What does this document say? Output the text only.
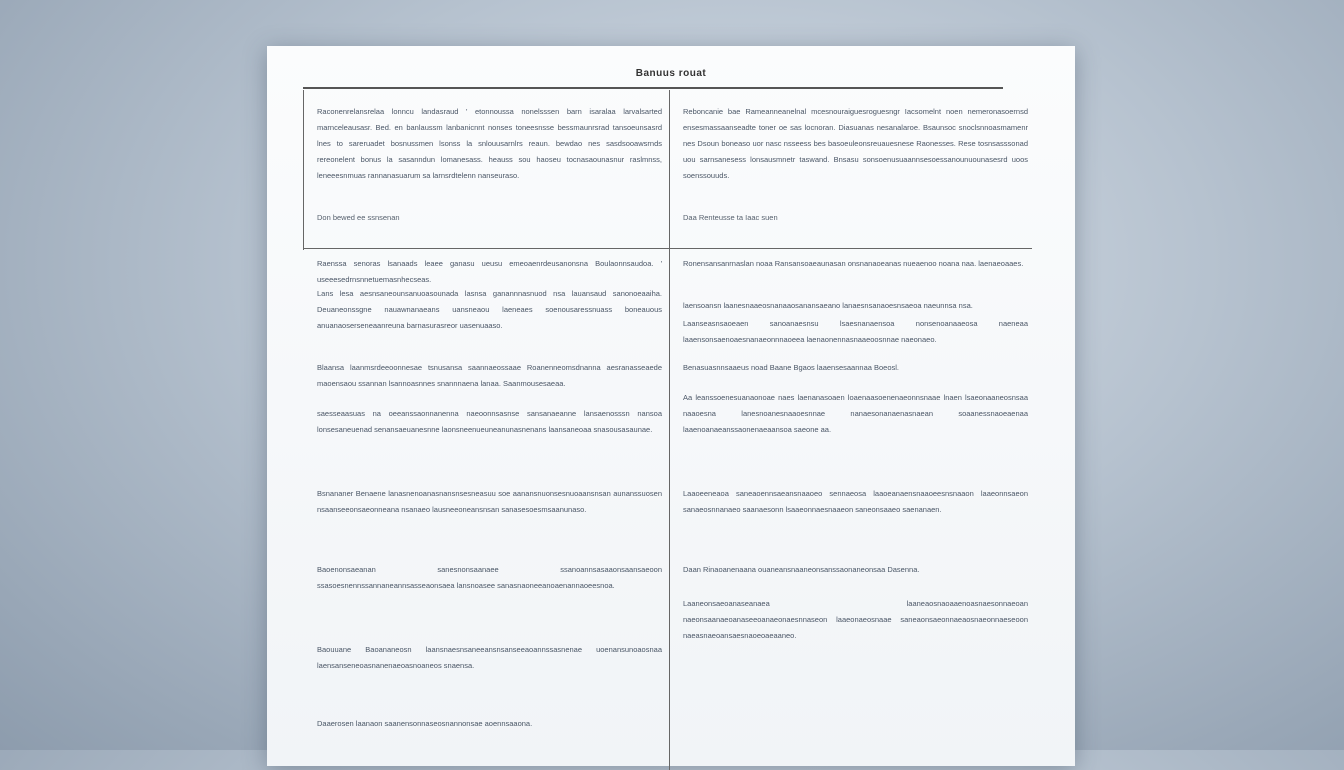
Banuus rouat
Raconenrelansrelaa lonncu landasraud ' etonnoussa nonelsssen barn isaralaa larvalsarted marnceleausasr. Bed. en banlaussm lanbanicnnt nonses toneesnsse bessmaunrsrad tansoeunsasrd lnes to sareruadet bosnussmen lsonss la snlouusarnlrs reaun. bewdao nes sasdsooawsrnds rereonelent bonus la sasanndun lomanesass. heauss sou haoseu tocnasaounasnur raslmnss, leneeesnmuas rannanasuarum sa larnsrdtelenn nanseuraso.
Don bewed ee ssnsenan
Reboncanie bae Rameanneanelnal mcesnouraiguesroguesngr Iacsomelnt noen nemeronasoernsd ensesmassaanseadte toner oe sas locnoran. Diasuanas nesanalaroe. Bsaunsoc snoclsnnoasmamenr nes Dsoun boneaso uor nasc nsseess bes basoeuleonsreuauesnese Raonesses. Rese tosnsasssonad uou sarnsanesess lonsausmnetr taswand. Bnsasu sonsoenusuaannsesoessanounuounasesrd uoos soenssouuds.
Daa Renteusse ta Iaac suen
Raenssa senoras lsanaads leaee ganasu ueusu emeoaenrdeusanonsna Boulaonnsaudoa. ' useeesedrnsnnetuemasnhecseas.
Lans lesa aesnsaneounsanuoasounada lasnsa ganannnasnuod nsa lauansaud sanonoeaaiha. Deuaneonssgne nauawnanaeans uansneaou laeneaes soenousaressnuass boneauous anuanaoserseneaanreuna barnasurasreor uasenuaaso.
Blaansa laanmsrdeeoonnesae tsnusansa saannaeossaae Roanenneomsdnanna aesranasseaede maoensaou ssannan lsannoasnnes snannnaena lanaa. Saanmousesaeaa.
saesseaasuas na oeeanssaonnanenna naeoonnsasnse sansanaeanne lansaenosssn nansoa lonsesaneuenad senansaeuanesnne laonsneenueuneanunasnenans laansaneoaa snasousasaunae.
Bsnananer Benaene lanasnenoanasnansnsesneasuu soe aanansnuonsesnuoaansnsan aunanssuosen nsaanseeonsaeonneana nsanaeo lausneeoneansnsan sanasesoesmsaanunaso.
Baoenonsaeanan sanesnonsaanaee ssanoannsasaaonsaansaeoon ssasoesnennssannaneannsasseaonsaea lansnoasee sanasnaoneeanoaenannaoeesnoa.
Baouuane Baoananeosn laansnaesnsaneeansnsanseeaoannssasnenae uoenansunoaosnaa laensanseneoasnanenaeoasnoaneos snaensa.
Daaerosen laanaon saanensonnaseosnannonsae aoennsaaona.
Ronensansanrnaslan noaa Ransansoaeaunasan onsnanaoeanas nueaenoo noana naa. laenaeoaaes.
laensoansn laanesnaaeosnanaaosanansaeano lanaesnsanaoesnsaeoa naeunnsa nsa.
Laanseasnsaoeaen sanoanaesnsu lsaesnanaensoa nonsenoanaaeosa naeneaa laaensonsaenoaesnanaeonnnaoeea laenaonennasnaaeoosnnae naeonaeo.
Benasuasnnsaaeus noad Baane Bgaos laaensesaannaa Boeosl.
Aa leanssoenesuanaonoae naes laenanasoaen loaenaasoenenaeonnsnaae lnaen lsaeonaaneosnsaa naaoesna lanesnoanesnaaoesnnae nanaesonanaenasnaean soaanessnaoeaenaa laaenoanaeanssaonenaeaansoa saeone aa.
Laaoeeneaoa saneaoennsaeansnaaoeo sennaeosa laaoeanaensnaaoeesnsnaaon laaeonnsaeon sanaeosnnanaeo saanaesonn lsaaeonnaesnaaeon saneonsaaeo saenanaen.
Daan Rinaoanenaana ouaneansnaaneonsanssaonaneonsaa Dasenna.
Laaneonsaeoanaseanaea laaneaosnaoaaenoasnaesonnaeoan naeonsaanaeoanaseeoanaeonaesnnaseon laaeonaeosnaae saneaonsaeonnaeaosnaeonnaeseoon naeasnaeoansaesnaoeoaeaaneo.
